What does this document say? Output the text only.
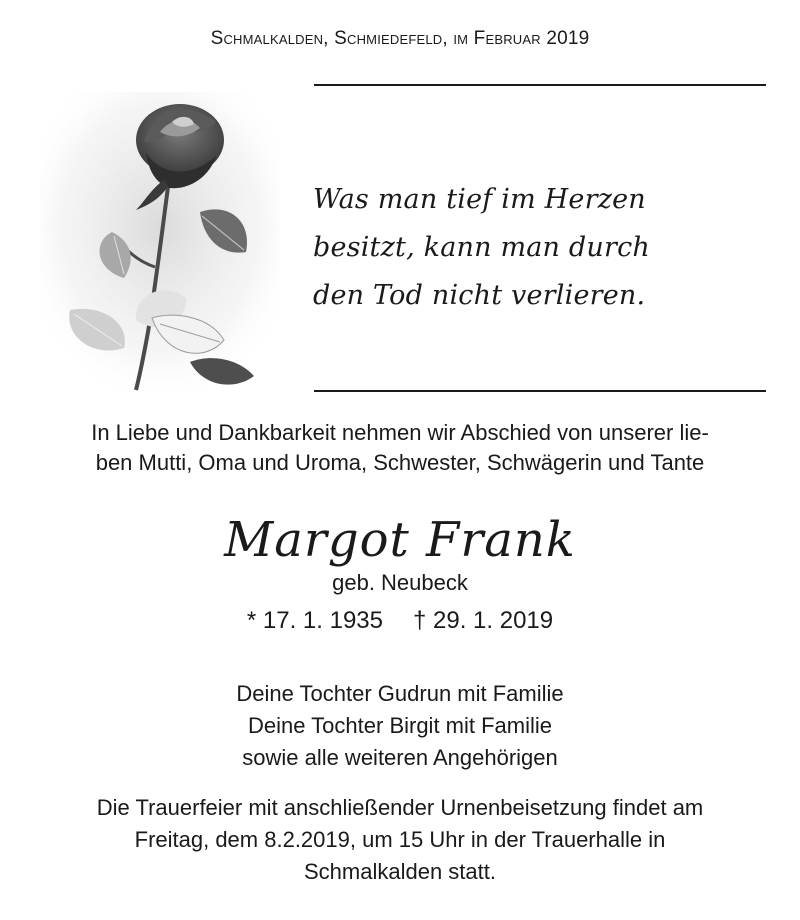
Schmalkalden, Schmiedefeld, im Februar 2019
Was man tief im Herzen
besitzt, kann man durch
den Tod nicht verlieren.
In Liebe und Dankbarkeit nehmen wir Abschied von unserer lie-
ben Mutti, Oma und Uroma, Schwester, Schwägerin und Tante
Margot Frank
geb. Neubeck
* 17. 1. 1935 † 29. 1. 2019
Deine Tochter Gudrun mit Familie
Deine Tochter Birgit mit Familie
sowie alle weiteren Angehörigen
Die Trauerfeier mit anschließender Urnenbeisetzung findet am
Freitag, dem 8.2.2019, um 15 Uhr in der Trauerhalle in
Schmalkalden statt.
